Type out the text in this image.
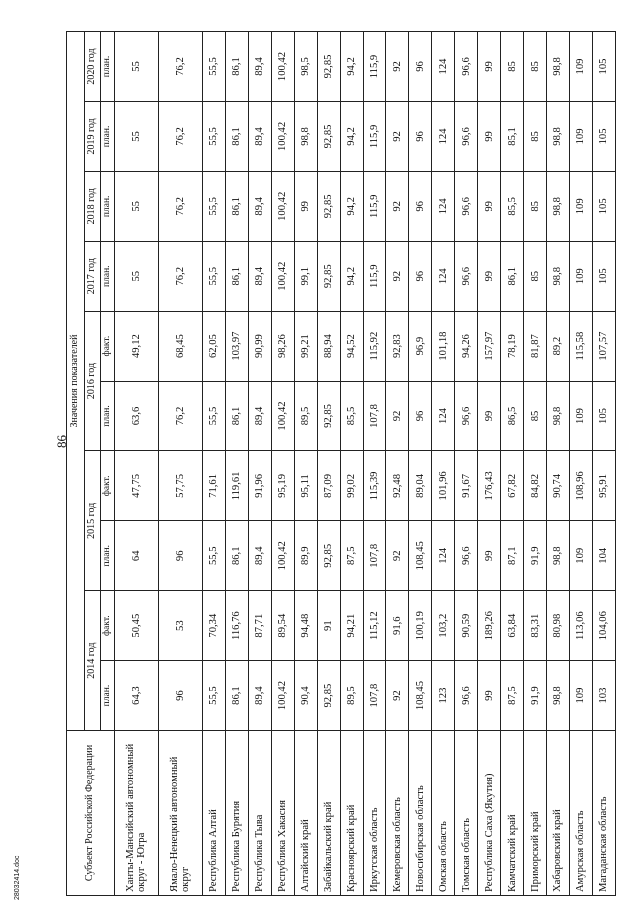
86
28032414.doc	Субъект Российской Федерации	Значения показателей									
	2014 год		2015 год		2016 год		2017 год	2018 год	2019 год	2020 год
	план.	факт.	план.	факт.	план.	факт.	план.	план.	план.	план.
Ханты-Мансийский автономный округ - Югра	64,3	50,45	64	47,75	63,6	49,12	55	55	55	55
Ямало-Ненецкий автономный округ	96	53	96	57,75	76,2	68,45	76,2	76,2	76,2	76,2
Республика Алтай	55,5	70,34	55,5	71,61	55,5	62,05	55,5	55,5	55,5	55,5
Республика Бурятия	86,1	116,76	86,1	119,61	86,1	103,97	86,1	86,1	86,1	86,1
Республика Тыва	89,4	87,71	89,4	91,96	89,4	90,99	89,4	89,4	89,4	89,4
Республика Хакасия	100,42	89,54	100,42	95,19	100,42	98,26	100,42	100,42	100,42	100,42
Алтайский край	90,4	94,48	89,9	95,11	89,5	99,21	99,1	99	98,8	98,5
Забайкальский край	92,85	91	92,85	87,09	92,85	88,94	92,85	92,85	92,85	92,85
Красноярский край	89,5	94,21	87,5	99,02	85,5	94,52	94,2	94,2	94,2	94,2
Иркутская область	107,8	115,12	107,8	115,39	107,8	115,92	115,9	115,9	115,9	115,9
Кемеровская область	92	91,6	92	92,48	92	92,83	92	92	92	92
Новосибирская область	108,45	100,19	108,45	89,04	96	96,9	96	96	96	96
Омская область	123	103,2	124	101,96	124	101,18	124	124	124	124
Томская область	96,6	90,59	96,6	91,67	96,6	94,26	96,6	96,6	96,6	96,6
Республика Саха (Якутия)	99	189,26	99	176,43	99	157,97	99	99	99	99
Камчатский край	87,5	63,84	87,1	67,82	86,5	78,19	86,1	85,5	85,1	85
Приморский край	91,9	83,31	91,9	84,82	85	81,87	85	85	85	85
Хабаровский край	98,8	80,98	98,8	90,74	98,8	89,2	98,8	98,8	98,8	98,8
Амурская область	109	113,06	109	108,96	109	115,58	109	109	109	109
Магаданская область	103	104,06	104	95,91	105	107,57	105	105	105	105
